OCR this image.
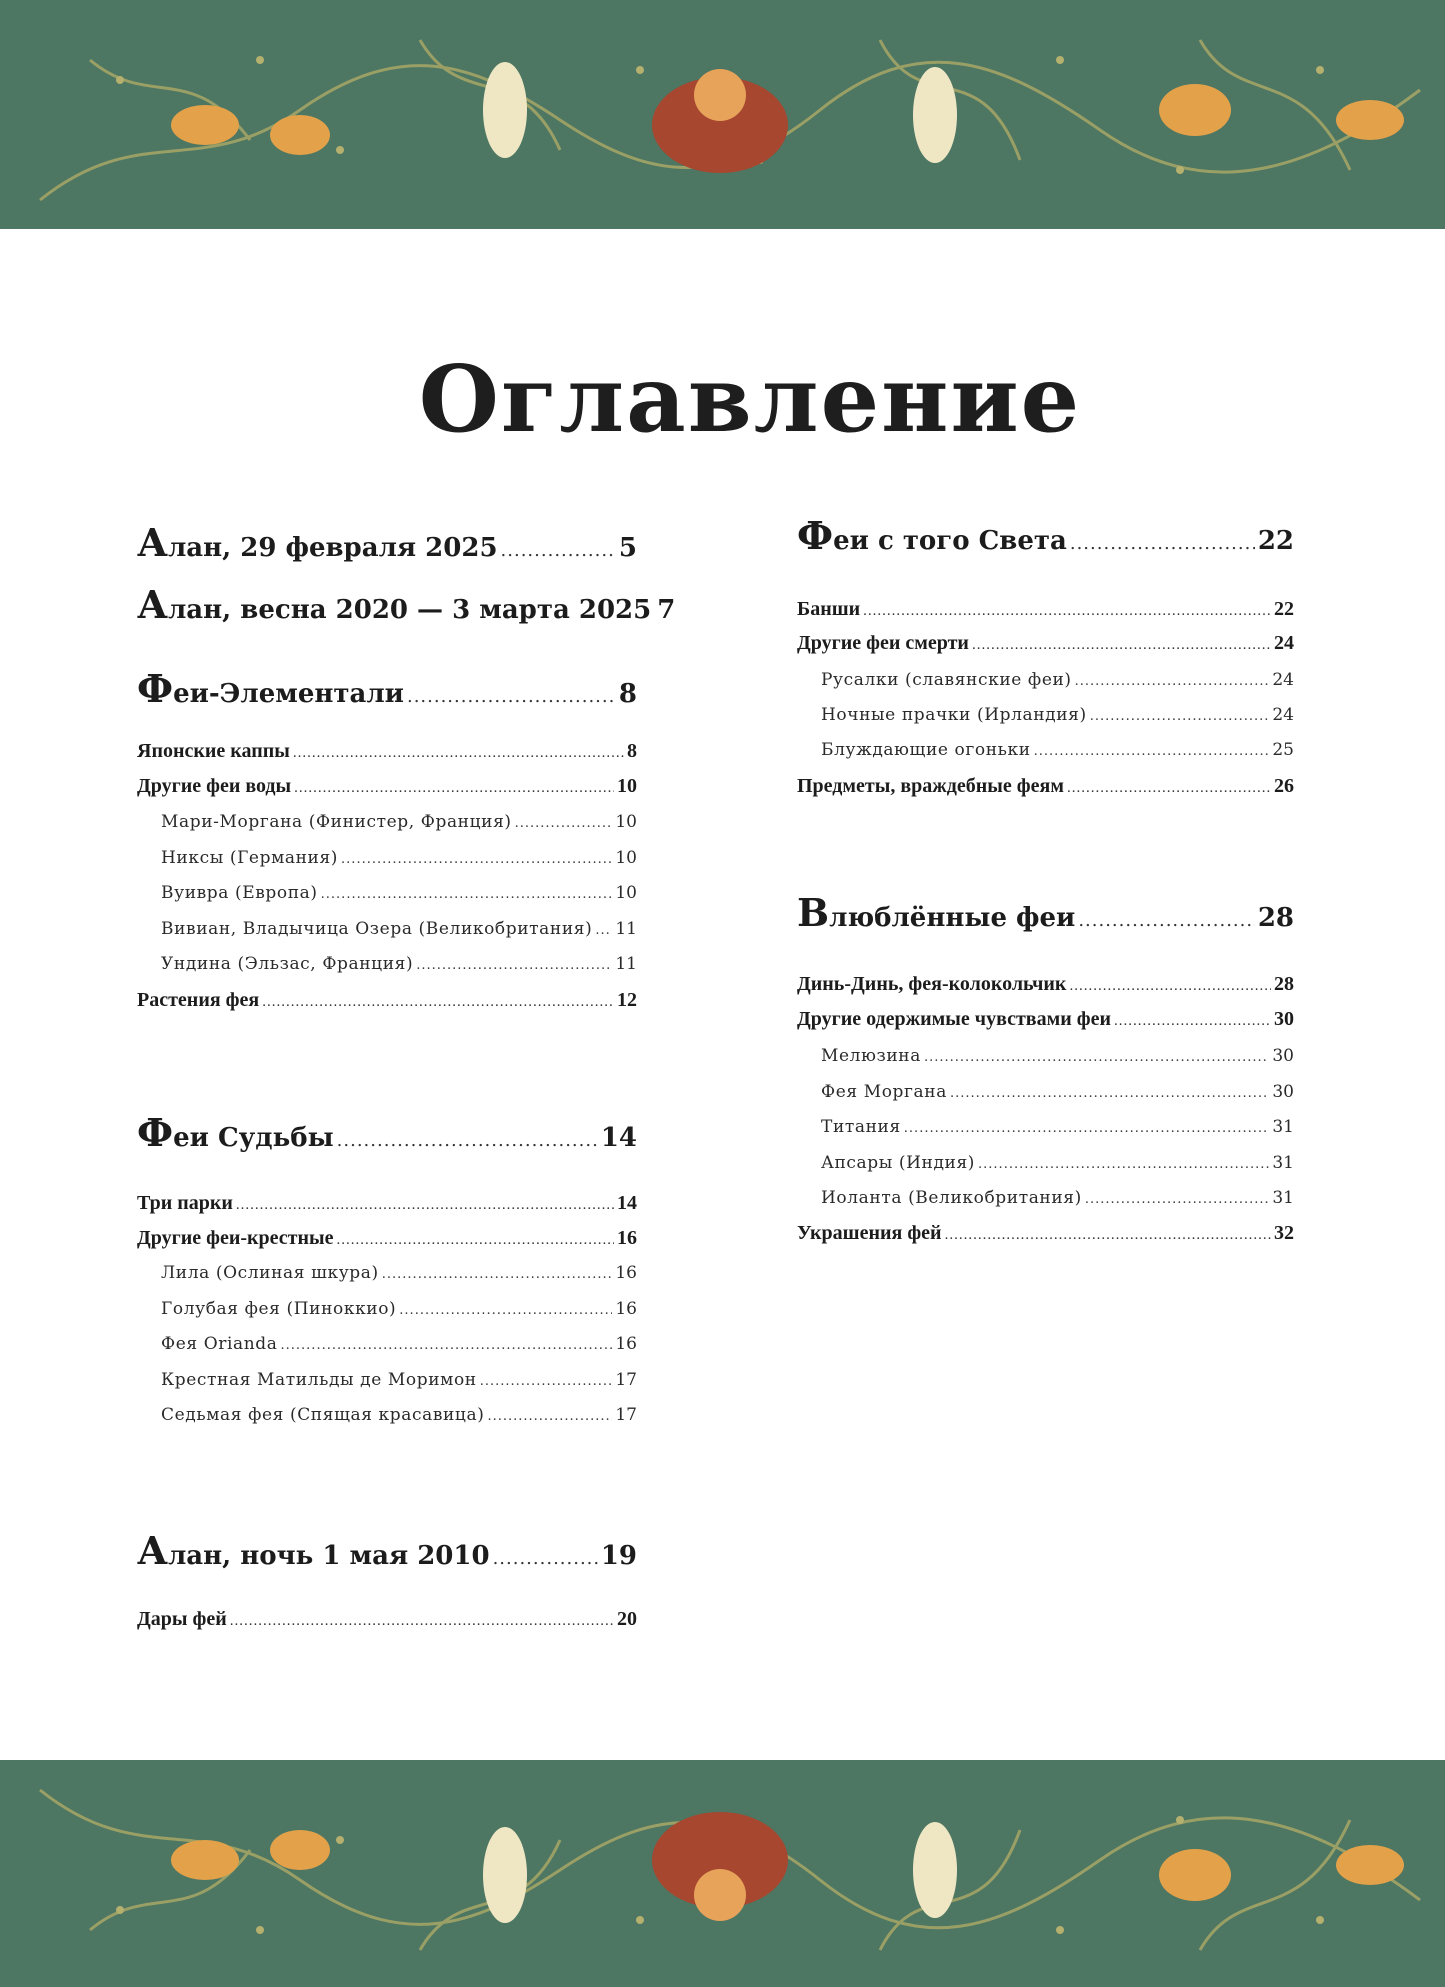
Оглавление
Алан, 29 февраля 2025 .....	5
Алан, весна 2020 — 3 марта 2025 7
Феи-Элементали .....	8
Японские каппы .....	8
Другие феи воды .....	10
Мари-Моргана (Финистер, Франция) .....	10
Никсы (Германия) .....	10
Вуивра (Европа) .....	10
Вивиан, Владычица Озера (Великобритания) ..... 11
Ундина (Эльзас, Франция) .....	11
Растения фея .....	12
Феи Судьбы .....	14
Три парки .....	14
Другие феи-крестные .....	16
Лила (Ослиная шкура) .....	16
Голубая фея (Пиноккио) .....	16
Фея Orianda .....	16
Крестная Матильды де Моримон .....	17
Седьмая фея (Спящая красавица) .....	17
Алан, ночь 1 мая 2010 .....	19
Дары фей .....	20
Феи с того Света .....	22
Банши .....	22
Другие феи смерти .....	24
Русалки (славянские феи) .....	24
Ночные прачки (Ирландия) .....	24
Блуждающие огоньки .....	25
Предметы, враждебные феям .....	26
Влюблённые феи .....	28
Динь-Динь, фея-колокольчик .....	28
Другие одержимые чувствами феи .....	30
Мелюзина .....	30
Фея Моргана .....	30
Титания .....	31
Апсары (Индия) .....	31
Иоланта (Великобритания) .....	31
Украшения фей .....	32
